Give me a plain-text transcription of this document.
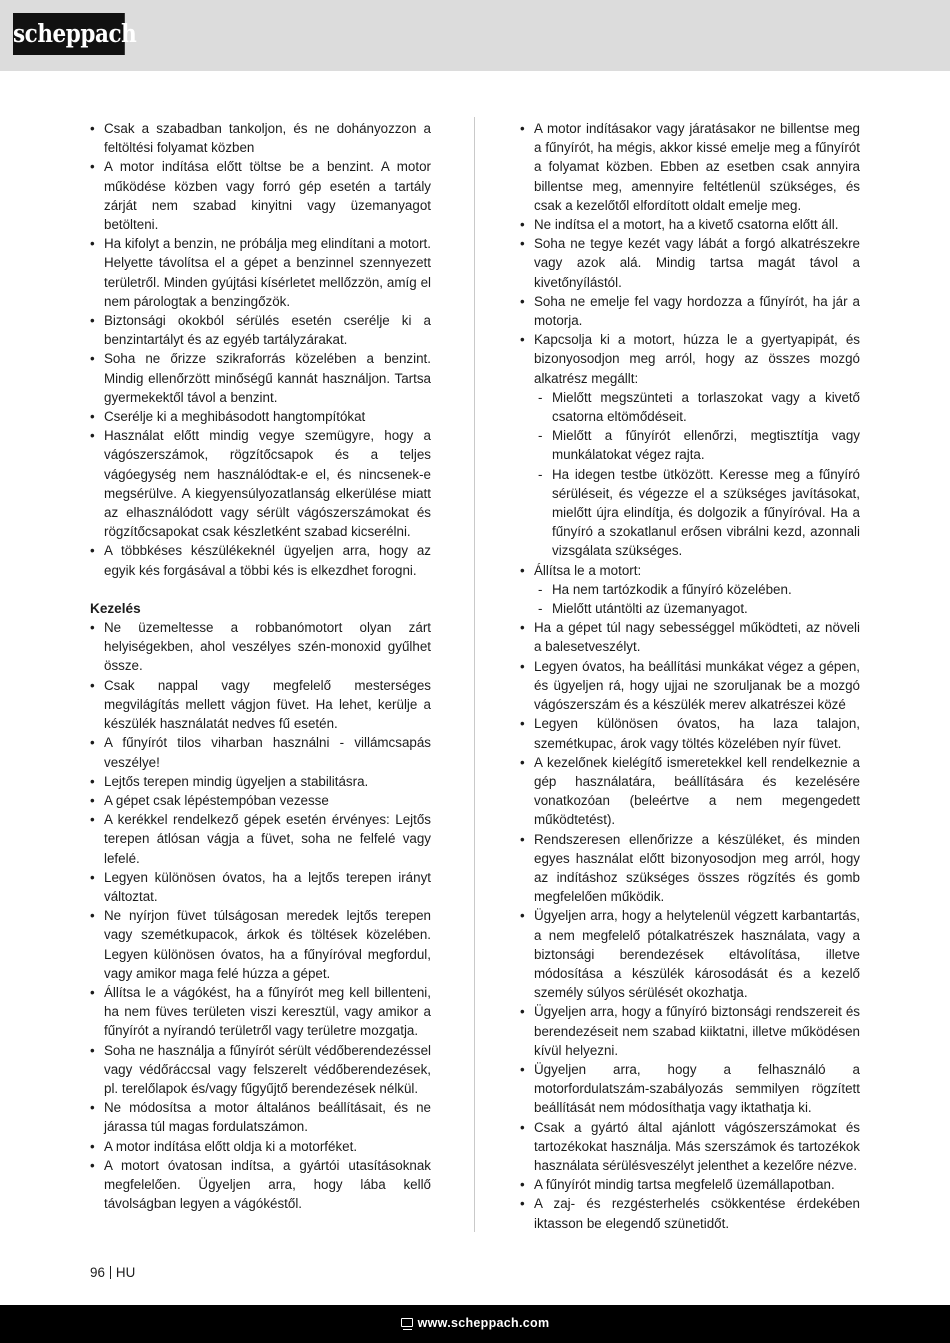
scheppach
• Csak a szabadban tankoljon, és ne dohányozzon a feltöltési folyamat közben
• A motor indítása előtt töltse be a benzint. A motor működése közben vagy forró gép esetén a tartály zárját nem szabad kinyitni vagy üzemanyagot betölteni.
• Ha kifolyt a benzin, ne próbálja meg elindítani a motort. Helyette távolítsa el a gépet a benzinnel szennyezett területről. Minden gyújtási kísérletet mellőzzön, amíg el nem párologtak a benzingőzök.
• Biztonsági okokból sérülés esetén cserélje ki a benzintartályt és az egyéb tartályzárakat.
• Soha ne őrizze szikraforrás közelében a benzint. Mindig ellenőrzött minőségű kannát használjon. Tartsa gyermekektől távol a benzint.
• Cserélje ki a meghibásodott hangtompítókat
• Használat előtt mindig vegye szemügyre, hogy a vágószerszámok, rögzítőcsapok és a teljes vágóegység nem használódtak-e el, és nincsenek-e megsérülve. A kiegyensúlyozatlanság elkerülése miatt az elhasználódott vagy sérült vágószerszámokat és rögzítőcsapokat csak készletként szabad kicserélni.
• A többkéses készülékeknél ügyeljen arra, hogy az egyik kés forgásával a többi kés is elkezdhet forogni.
Kezelés
• Ne üzemeltesse a robbanómotort olyan zárt helyiségekben, ahol veszélyes szén-monoxid gyűlhet össze.
• Csak nappal vagy megfelelő mesterséges megvilágítás mellett vágjon füvet. Ha lehet, kerülje a készülék használatát nedves fű esetén.
• A fűnyírót tilos viharban használni - villámcsapás veszélye!
• Lejtős terepen mindig ügyeljen a stabilitásra.
• A gépet csak lépéstempóban vezesse
• A kerékkel rendelkező gépek esetén érvényes: Lejtős terepen átlósan vágja a füvet, soha ne felfelé vagy lefelé.
• Legyen különösen óvatos, ha a lejtős terepen irányt változtat.
• Ne nyírjon füvet túlságosan meredek lejtős terepen vagy szemétkupacok, árkok és töltések közelében. Legyen különösen óvatos, ha a fűnyíróval megfordul, vagy amikor maga felé húzza a gépet.
• Állítsa le a vágókést, ha a fűnyírót meg kell billenteni, ha nem füves területen viszi keresztül, vagy amikor a fűnyírót a nyírandó területről vagy területre mozgatja.
• Soha ne használja a fűnyírót sérült védőberendezéssel vagy védőráccsal vagy felszerelt védőberendezések, pl. terelőlapok és/vagy fűgyűjtő berendezések nélkül.
• Ne módosítsa a motor általános beállításait, és ne járassa túl magas fordulatszámon.
• A motor indítása előtt oldja ki a motorféket.
• A motort óvatosan indítsa, a gyártói utasításoknak megfelelően. Ügyeljen arra, hogy lába kellő távolságban legyen a vágókéstől.
• A motor indításakor vagy járatásakor ne billentse meg a fűnyírót, ha mégis, akkor kissé emelje meg a fűnyírót a folyamat közben. Ebben az esetben csak annyira billentse meg, amennyire feltétlenül szükséges, és csak a kezelőtől elfordított oldalt emelje meg.
• Ne indítsa el a motort, ha a kivető csatorna előtt áll.
• Soha ne tegye kezét vagy lábát a forgó alkatrészekre vagy azok alá. Mindig tartsa magát távol a kivetőnyílástól.
• Soha ne emelje fel vagy hordozza a fűnyírót, ha jár a motorja.
• Kapcsolja ki a motort, húzza le a gyertyapipát, és bizonyosodjon meg arról, hogy az összes mozgó alkatrész megállt:
- Mielőtt megszünteti a torlaszokat vagy a kivető csatorna eltömődéseit.
- Mielőtt a fűnyírót ellenőrzi, megtisztítja vagy munkálatokat végez rajta.
- Ha idegen testbe ütközött. Keresse meg a fűnyíró sérüléseit, és végezze el a szükséges javításokat, mielőtt újra elindítja, és dolgozik a fűnyíróval. Ha a fűnyíró a szokatlanul erősen vibrálni kezd, azonnali vizsgálata szükséges.
• Állítsa le a motort:
- Ha nem tartózkodik a fűnyíró közelében.
- Mielőtt utántölti az üzemanyagot.
• Ha a gépet túl nagy sebességgel működteti, az növeli a balesetveszélyt.
• Legyen óvatos, ha beállítási munkákat végez a gépen, és ügyeljen rá, hogy ujjai ne szoruljanak be a mozgó vágószerszám és a készülék merev alkatrészei közé
• Legyen különösen óvatos, ha laza talajon, szemétkupac, árok vagy töltés közelében nyír füvet.
• A kezelőnek kielégítő ismeretekkel kell rendelkeznie a gép használatára, beállítására és kezelésére vonatkozóan (beleértve a nem megengedett működtetést).
• Rendszeresen ellenőrizze a készüléket, és minden egyes használat előtt bizonyosodjon meg arról, hogy az indításhoz szükséges összes rögzítés és gomb megfelelően működik.
• Ügyeljen arra, hogy a helytelenül végzett karbantartás, a nem megfelelő pótalkatrészek használata, vagy a biztonsági berendezések eltávolítása, illetve módosítása a készülék károsodását és a kezelő személy súlyos sérülését okozhatja.
• Ügyeljen arra, hogy a fűnyíró biztonsági rendszereit és berendezéseit nem szabad kiiktatni, illetve működésen kívül helyezni.
• Ügyeljen arra, hogy a felhasználó a motorfordulatszám-szabályozás semmilyen rögzített beállítását nem módosíthatja vagy iktathatja ki.
• Csak a gyártó által ajánlott vágószerszámokat és tartozékokat használja. Más szerszámok és tartozékok használata sérülésveszélyt jelenthet a kezelőre nézve.
• A fűnyírót mindig tartsa megfelelő üzemállapotban.
• A zaj- és rezgésterhelés csökkentése érdekében iktasson be elegendő szünetidőt.
96 HU
www.scheppach.com
